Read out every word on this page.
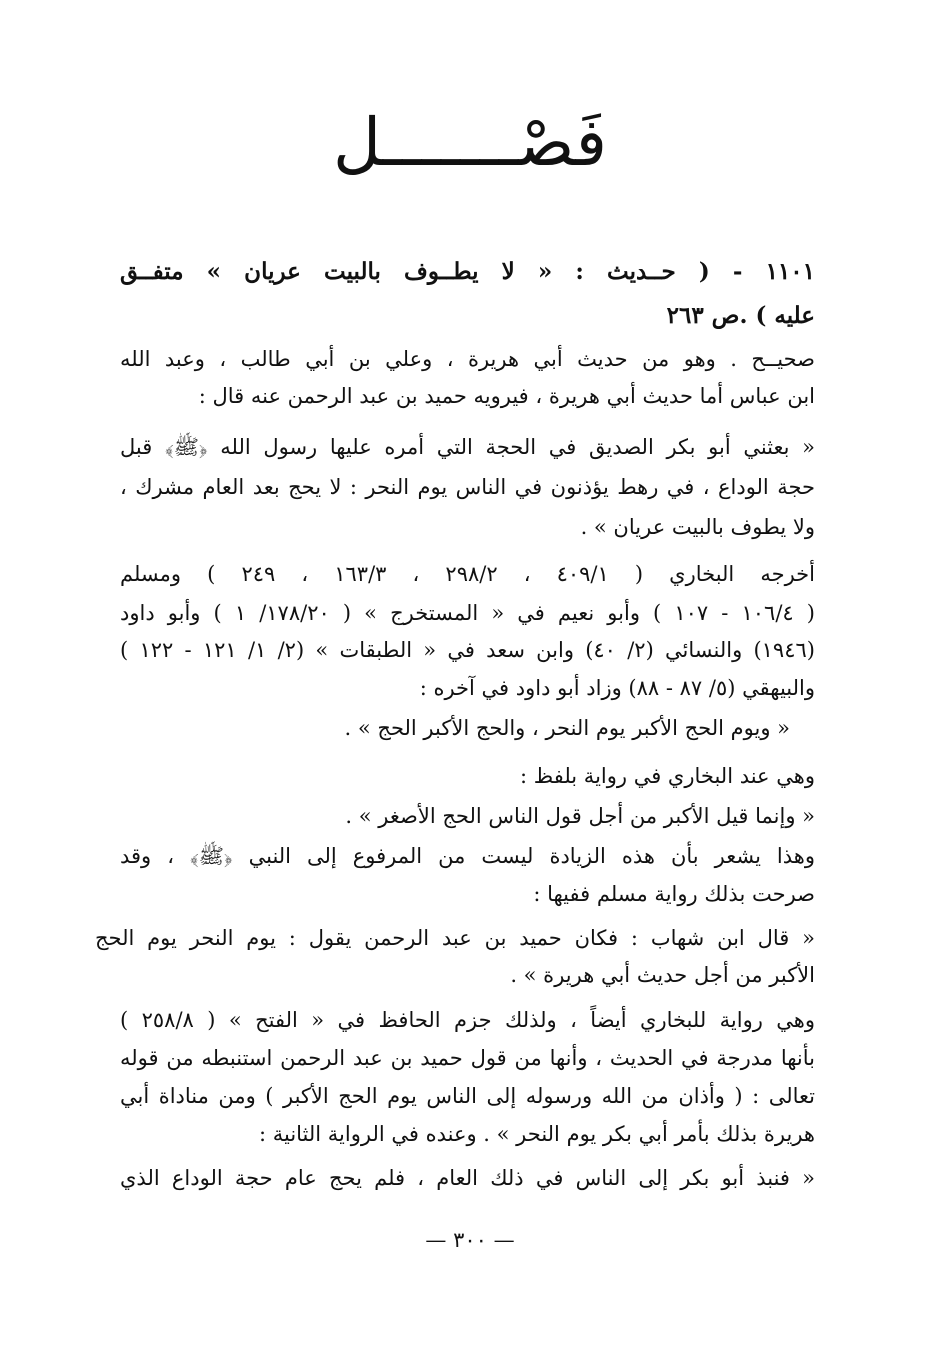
فَصْـــــــل
١١٠١ - ( حــديث : « لا يطــوف بالبيت عريان » متفــق
عليه ) .ص ٢٦٣
صحيــح . وهو من حديث أبي هريرة ، وعلي بن أبي طالب ، وعبد الله
ابن عباس أما حديث أبي هريرة ، فيرويه حميد بن عبد الرحمن عنه قال :
« بعثني أبو بكر الصديق في الحجة التي أمره عليها رسول الله ﴿ﷺ﴾ قبل
حجة الوداع ، في رهط يؤذنون في الناس يوم النحر : لا يحج بعد العام مشرك ،
ولا يطوف بالبيت عريان » .
أخرجه البخاري ( ٤٠٩/١ ، ٢٩٨/٢ ، ١٦٣/٣ ، ٢٤٩ ) ومسلم
( ١٠٦/٤ - ١٠٧ ) وأبو نعيم في « المستخرج » ( ١٧٨/٢٠/ ١ ) وأبو داود
(١٩٤٦) والنسائي (٢/ ٤٠) وابن سعد في « الطبقات » (٢/ ١/ ١٢١ - ١٢٢ )
والبيهقي (٥/ ٨٧ - ٨٨) وزاد أبو داود في آخره :
« ويوم الحج الأكبر يوم النحر ، والحج الأكبر الحج » .
وهي عند البخاري في رواية بلفظ :
« وإنما قيل الأكبر من أجل قول الناس الحج الأصغر » .
وهذا يشعر بأن هذه الزيادة ليست من المرفوع إلى النبي ﴿ﷺ﴾ ، وقد
صرحت بذلك رواية مسلم ففيها :
« قال ابن شهاب : فكان حميد بن عبد الرحمن يقول : يوم النحر يوم الحج
الأكبر من أجل حديث أبي هريرة » .
وهي رواية للبخاري أيضاً ، ولذلك جزم الحافظ في « الفتح » ( ٢٥٨/٨ )
بأنها مدرجة في الحديث ، وأنها من قول حميد بن عبد الرحمن استنبطه من قوله
تعالى : ( وأذان من الله ورسوله إلى الناس يوم الحج الأكبر ) ومن مناداة أبي
هريرة بذلك بأمر أبي بكر يوم النحر » . وعنده في الرواية الثانية :
« فنبذ أبو بكر إلى الناس في ذلك العام ، فلم يحج عام حجة الوداع الذي
— ٣٠٠ —
